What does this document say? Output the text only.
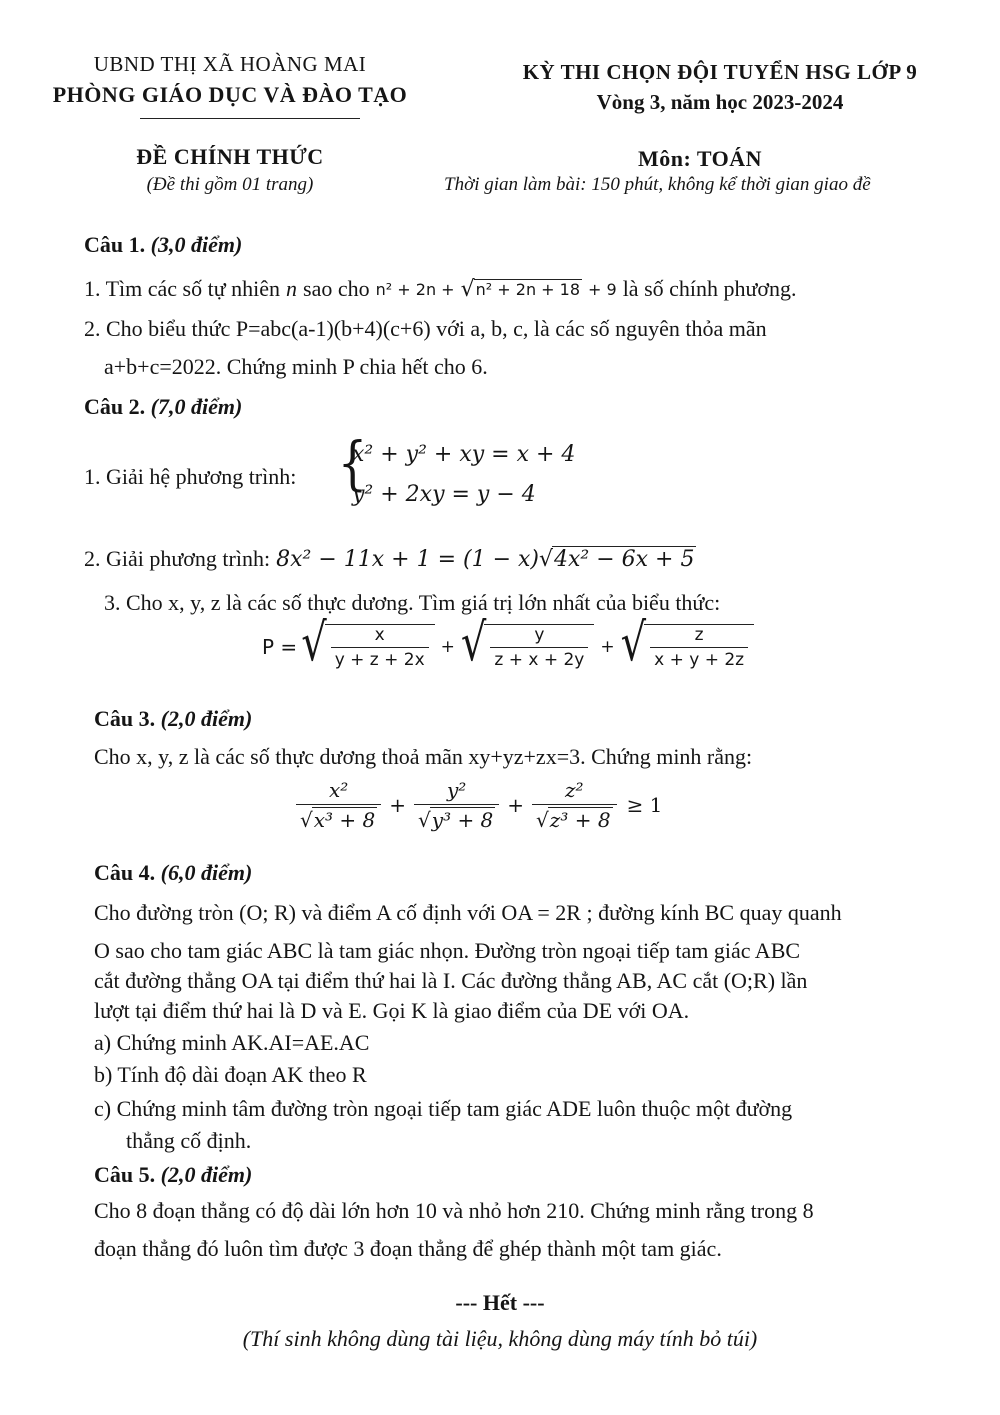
UBND THỊ XÃ HOÀNG MAI
PHÒNG GIÁO DỤC VÀ ĐÀO TẠO
KỲ THI CHỌN ĐỘI TUYỂN HSG LỚP 9
Vòng 3, năm học 2023-2024
ĐỀ CHÍNH THỨC
(Đề thi gồm 01 trang)
Môn: TOÁN
Thời gian làm bài: 150 phút, không kể thời gian giao đề
Câu 1. (3,0 điểm)
1. Tìm các số tự nhiên n sao cho n² + 2n + √ n² + 2n + 18 + 9 là số chính phương.
2. Cho biểu thức P=abc(a-1)(b+4)(c+6) với a, b, c, là các số nguyên thỏa mãn
a+b+c=2022. Chứng minh P chia hết cho 6.
Câu 2. (7,0 điểm)
1. Giải hệ phương trình: {
x² + y² + xy = x + 4
y² + 2xy = y − 4
2. Giải phương trình: 8x² − 11x + 1 = (1 − x) √ 4x² − 6x + 5
3. Cho x, y, z là các số thực dương. Tìm giá trị lớn nhất của biểu thức:
P = √ $\frac{x}{y + z + 2x}$ + √ $\frac{y}{z + x + 2y}$ + √ $\frac{z}{x + y + 2z}$
Câu 3. (2,0 điểm)
Cho x, y, z là các số thực dương thoả mãn xy+yz+zx=3. Chứng minh rằng:
$\frac{\text{x²}}{\text{√ x³ + 8}} + \frac{\text{y²}}{\text{√ y³ + 8}} + \frac{\text{z²}}{\text{√ z³ + 8}} \ge 1$
Câu 4. (6,0 điểm)
Cho đường tròn (O; R) và điểm A cố định với OA = 2R ; đường kính BC quay quanh
O sao cho tam giác ABC là tam giác nhọn. Đường tròn ngoại tiếp tam giác ABC
cắt đường thẳng OA tại điểm thứ hai là I. Các đường thẳng AB, AC cắt (O;R) lần
lượt tại điểm thứ hai là D và E. Gọi K là giao điểm của DE với OA.
a) Chứng minh AK.AI=AE.AC
b) Tính độ dài đoạn AK theo R
c) Chứng minh tâm đường tròn ngoại tiếp tam giác ADE luôn thuộc một đường
thẳng cố định.
Câu 5. (2,0 điểm)
Cho 8 đoạn thẳng có độ dài lớn hơn 10 và nhỏ hơn 210. Chứng minh rằng trong 8
đoạn thẳng đó luôn tìm được 3 đoạn thẳng để ghép thành một tam giác.
--- Hết ---
(Thí sinh không dùng tài liệu, không dùng máy tính bỏ túi)
